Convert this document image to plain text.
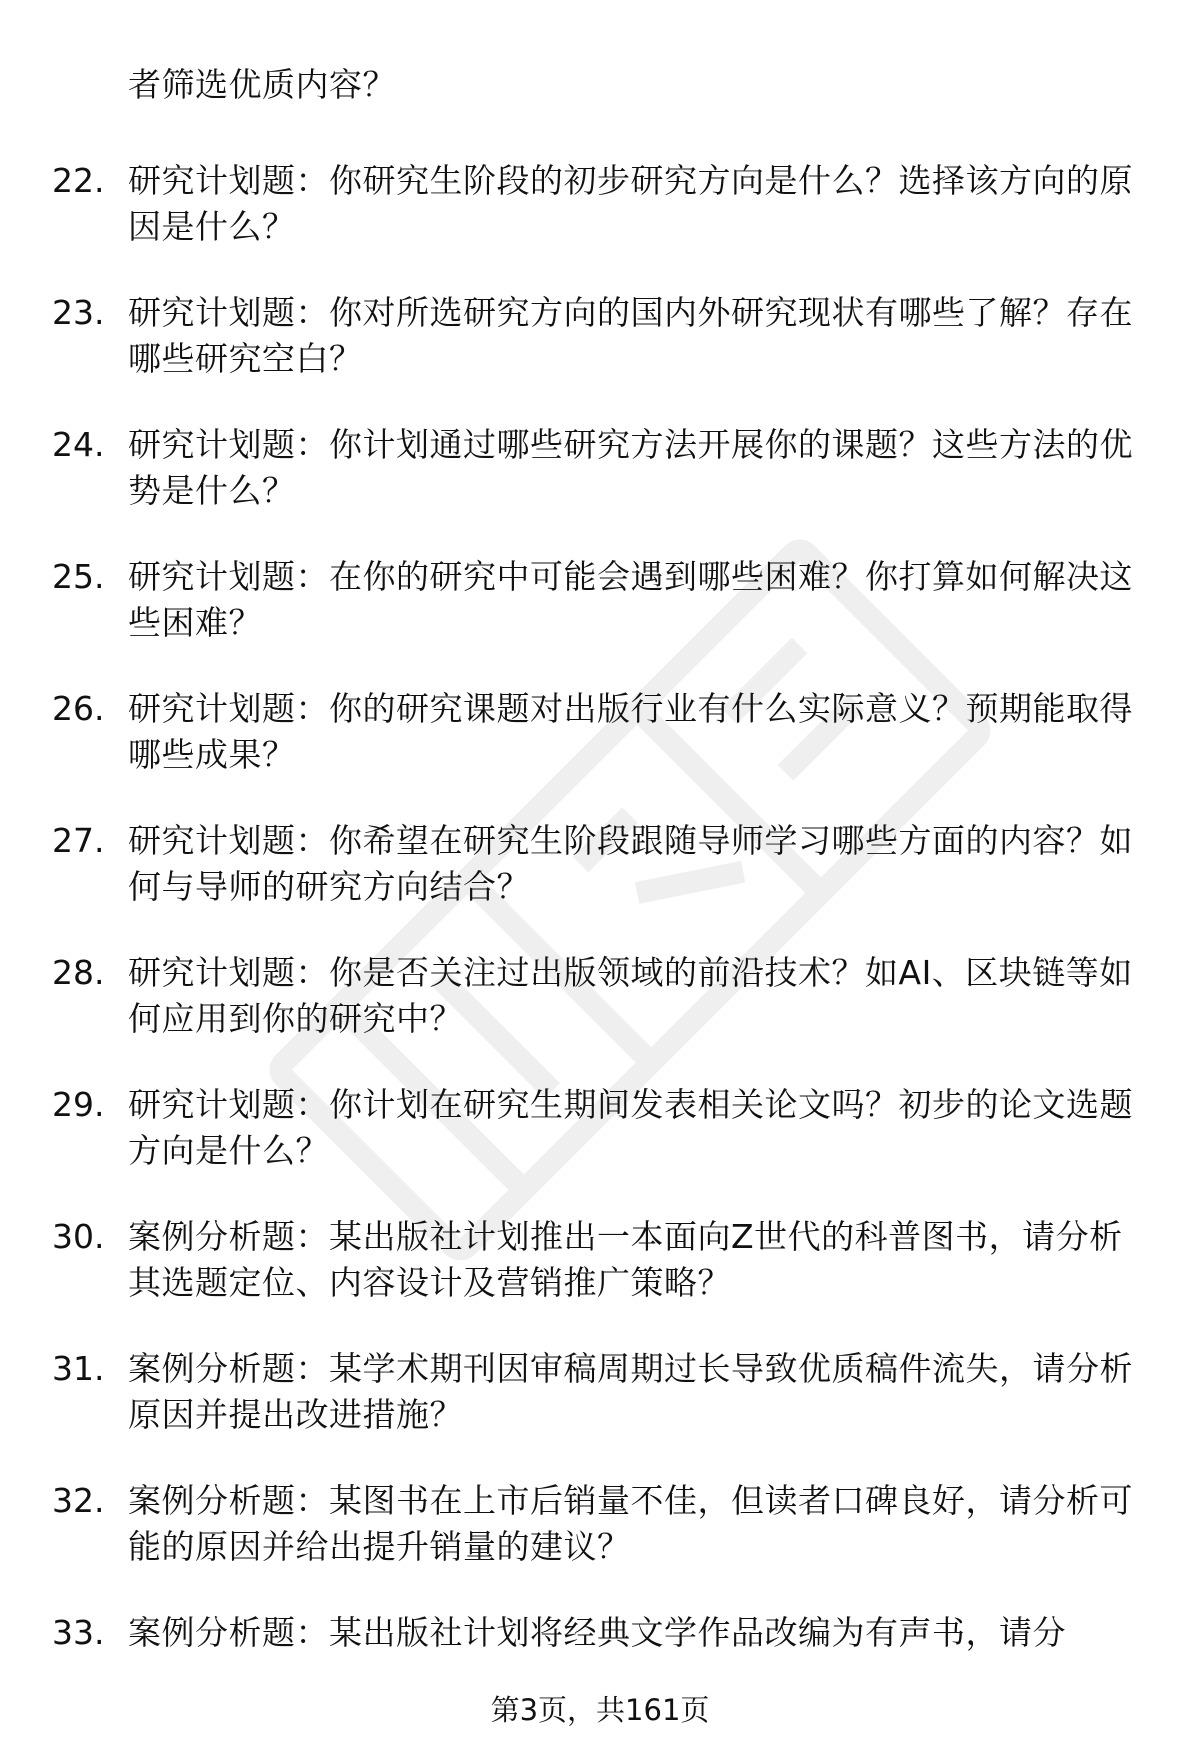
者筛选优质内容？
22. 研究计划题：你研究生阶段的初步研究方向是什么？选择该方向的原因是什么？
23. 研究计划题：你对所选研究方向的国内外研究现状有哪些了解？存在哪些研究空白？
24. 研究计划题：你计划通过哪些研究方法开展你的课题？这些方法的优势是什么？
25. 研究计划题：在你的研究中可能会遇到哪些困难？你打算如何解决这些困难？
26. 研究计划题：你的研究课题对出版行业有什么实际意义？预期能取得哪些成果？
27. 研究计划题：你希望在研究生阶段跟随导师学习哪些方面的内容？如何与导师的研究方向结合？
28. 研究计划题：你是否关注过出版领域的前沿技术？如AI、区块链等如何应用到你的研究中？
29. 研究计划题：你计划在研究生期间发表相关论文吗？初步的论文选题方向是什么？
30. 案例分析题：某出版社计划推出一本面向Z世代的科普图书，请分析其选题定位、内容设计及营销推广策略？
31. 案例分析题：某学术期刊因审稿周期过长导致优质稿件流失，请分析原因并提出改进措施？
32. 案例分析题：某图书在上市后销量不佳，但读者口碑良好，请分析可能的原因并给出提升销量的建议？
33. 案例分析题：某出版社计划将经典文学作品改编为有声书，请分
第3页，共161页
